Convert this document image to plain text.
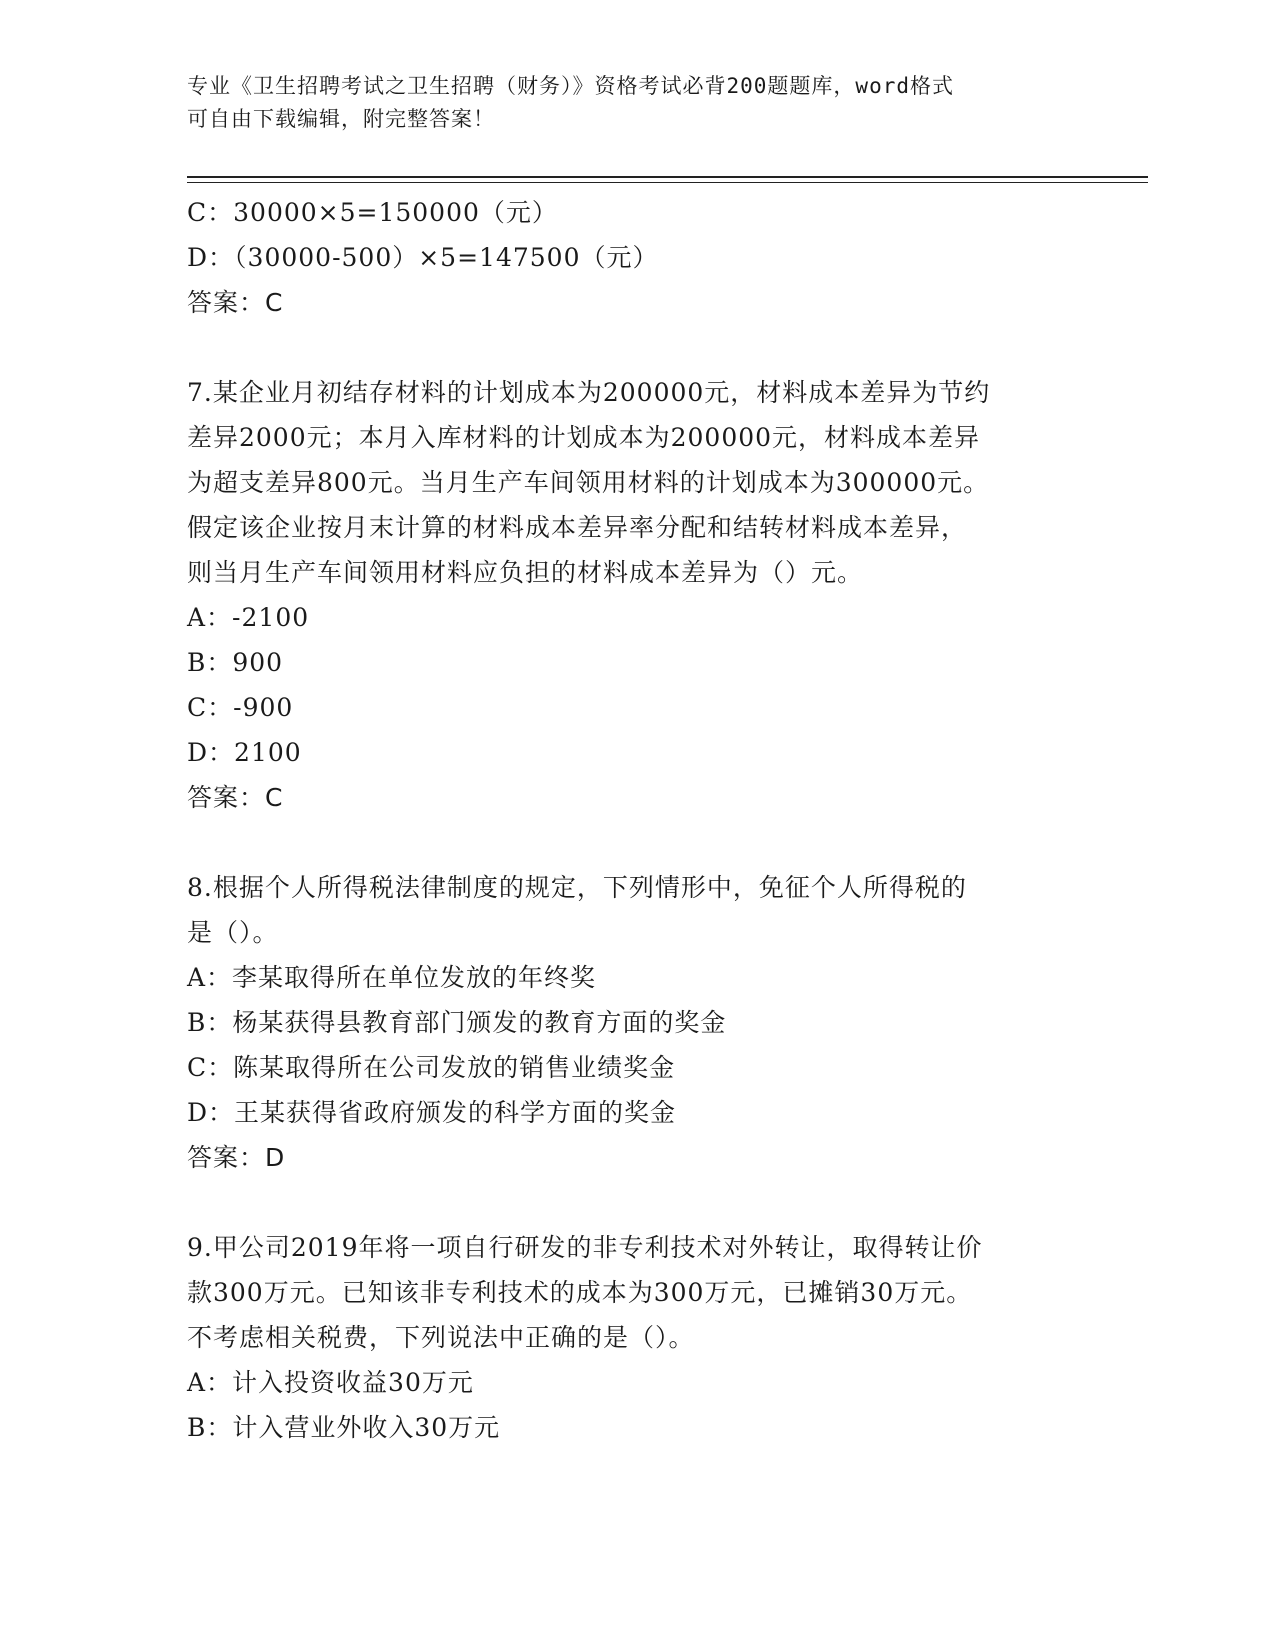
专业《卫生招聘考试之卫生招聘（财务）》资格考试必背200题题库，word格式
可自由下载编辑，附完整答案！
C：30000×5=150000（元）
D：（30000-500）×5=147500（元）
答案：C
7.某企业月初结存材料的计划成本为200000元，材料成本差异为节约
差异2000元；本月入库材料的计划成本为200000元，材料成本差异
为超支差异800元。当月生产车间领用材料的计划成本为300000元。
假定该企业按月末计算的材料成本差异率分配和结转材料成本差异，
则当月生产车间领用材料应负担的材料成本差异为（）元。
A：-2100
B：900
C：-900
D：2100
答案：C
8.根据个人所得税法律制度的规定，下列情形中，免征个人所得税的
是（）。
A：李某取得所在单位发放的年终奖
B：杨某获得县教育部门颁发的教育方面的奖金
C：陈某取得所在公司发放的销售业绩奖金
D：王某获得省政府颁发的科学方面的奖金
答案：D
9.甲公司2019年将一项自行研发的非专利技术对外转让，取得转让价
款300万元。已知该非专利技术的成本为300万元，已摊销30万元。
不考虑相关税费，下列说法中正确的是（）。
A：计入投资收益30万元
B：计入营业外收入30万元
